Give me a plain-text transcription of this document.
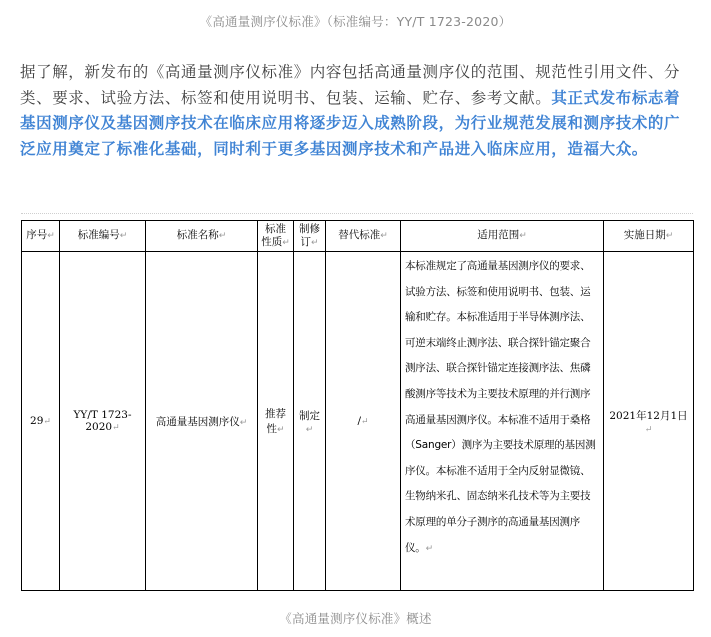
《高通量测序仪标准》（标准编号：YY/T 1723-2020）
据了解，新发布的《高通量测序仪标准》内容包括高通量测序仪的范围、规范性引用文件、分类、要求、试验方法、标签和使用说明书、包装、运输、贮存、参考文献。其正式发布标志着基因测序仪及基因测序技术在临床应用将逐步迈入成熟阶段，为行业规范发展和测序技术的广泛应用奠定了标准化基础，同时利于更多基因测序技术和产品进入临床应用，造福大众。
序号↵	标准编号↵	标准名称↵	标准性质↵	制修订↵	替代标准↵	适用范围↵	实施日期↵
29↵	YY/T 1723-2020↵	高通量基因测序仪↵	推荐性↵	制定↵	/↵	本标准规定了高通量基因测序仪的要求、试验方法、标签和使用说明书、包装、运输和贮存。本标准适用于半导体测序法、可逆末端终止测序法、联合探针锚定聚合测序法、联合探针锚定连接测序法、焦磷酸测序等技术为主要技术原理的并行测序高通量基因测序仪。本标准不适用于桑格（Sanger）测序为主要技术原理的基因测序仪。本标准不适用于全内反射显微镜、生物纳米孔、固态纳米孔技术等为主要技术原理的单分子测序的高通量基因测序仪。↵	2021年12月1日↵
《高通量测序仪标准》概述
